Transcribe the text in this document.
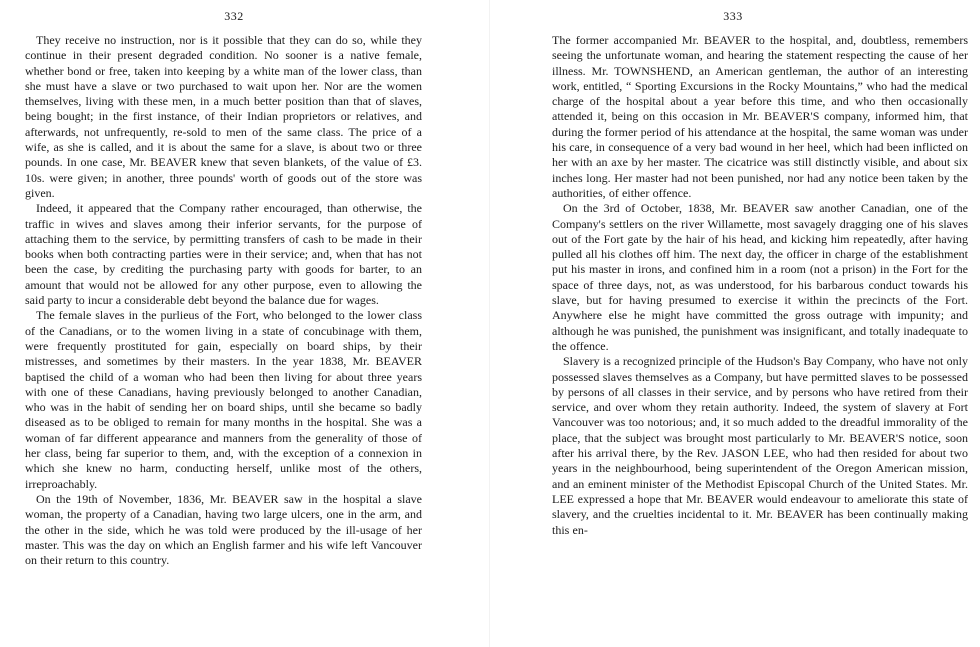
332

They receive no instruction, nor is it possible that they can do so, while they continue in their present degraded condition. No sooner is a native female, whether bond or free, taken into keeping by a white man of the lower class, than she must have a slave or two purchased to wait upon her. Nor are the women themselves, living with these men, in a much better position than that of slaves, being bought; in the first instance, of their Indian proprietors or relatives, and afterwards, not unfrequently, re-sold to men of the same class. The price of a wife, as she is called, and it is about the same for a slave, is about two or three pounds. In one case, Mr. BEAVER knew that seven blankets, of the value of £3. 10s. were given; in another, three pounds' worth of goods out of the store was given.

Indeed, it appeared that the Company rather encouraged, than otherwise, the traffic in wives and slaves among their inferior servants, for the purpose of attaching them to the service, by permitting transfers of cash to be made in their books when both contracting parties were in their service; and, when that has not been the case, by crediting the purchasing party with goods for barter, to an amount that would not be allowed for any other purpose, even to allowing the said party to incur a considerable debt beyond the balance due for wages.

The female slaves in the purlieus of the Fort, who belonged to the lower class of the Canadians, or to the women living in a state of concubinage with them, were frequently prostituted for gain, especially on board ships, by their mistresses, and sometimes by their masters. In the year 1838, Mr. BEAVER baptised the child of a woman who had been then living for about three years with one of these Canadians, having previously belonged to another Canadian, who was in the habit of sending her on board ships, until she became so badly diseased as to be obliged to remain for many months in the hospital. She was a woman of far different appearance and manners from the generality of those of her class, being far superior to them, and, with the exception of a connexion in which she knew no harm, conducting herself, unlike most of the others, irreproachably.

On the 19th of November, 1836, Mr. BEAVER saw in the hospital a slave woman, the property of a Canadian, having two large ulcers, one in the arm, and the other in the side, which he was told were produced by the ill-usage of her master. This was the day on which an English farmer and his wife left Vancouver on their return to this country.

333

The former accompanied Mr. BEAVER to the hospital, and, doubtless, remembers seeing the unfortunate woman, and hearing the statement respecting the cause of her illness. Mr. TOWNSHEND, an American gentleman, the author of an interesting work, entitled, “ Sporting Excursions in the Rocky Mountains,” who had the medical charge of the hospital about a year before this time, and who then occasionally attended it, being on this occasion in Mr. BEAVER'S company, informed him, that during the former period of his attendance at the hospital, the same woman was under his care, in consequence of a very bad wound in her heel, which had been inflicted on her with an axe by her master. The cicatrice was still distinctly visible, and about six inches long. Her master had not been punished, nor had any notice been taken by the authorities, of either offence.

On the 3rd of October, 1838, Mr. BEAVER saw another Canadian, one of the Company's settlers on the river Willamette, most savagely dragging one of his slaves out of the Fort gate by the hair of his head, and kicking him repeatedly, after having pulled all his clothes off him. The next day, the officer in charge of the establishment put his master in irons, and confined him in a room (not a prison) in the Fort for the space of three days, not, as was understood, for his barbarous conduct towards his slave, but for having presumed to exercise it within the precincts of the Fort. Anywhere else he might have committed the gross outrage with impunity; and although he was punished, the punishment was insignificant, and totally inadequate to the offence.

Slavery is a recognized principle of the Hudson's Bay Company, who have not only possessed slaves themselves as a Company, but have permitted slaves to be possessed by persons of all classes in their service, and by persons who have retired from their service, and over whom they retain authority. Indeed, the system of slavery at Fort Vancouver was too notorious; and, it so much added to the dreadful immorality of the place, that the subject was brought most particularly to Mr. BEAVER'S notice, soon after his arrival there, by the Rev. JASON LEE, who had then resided for about two years in the neighbourhood, being superintendent of the Oregon American mission, and an eminent minister of the Methodist Episcopal Church of the United States. Mr. LEE expressed a hope that Mr. BEAVER would endeavour to ameliorate this state of slavery, and the cruelties incidental to it. Mr. BEAVER has been continually making this en-
